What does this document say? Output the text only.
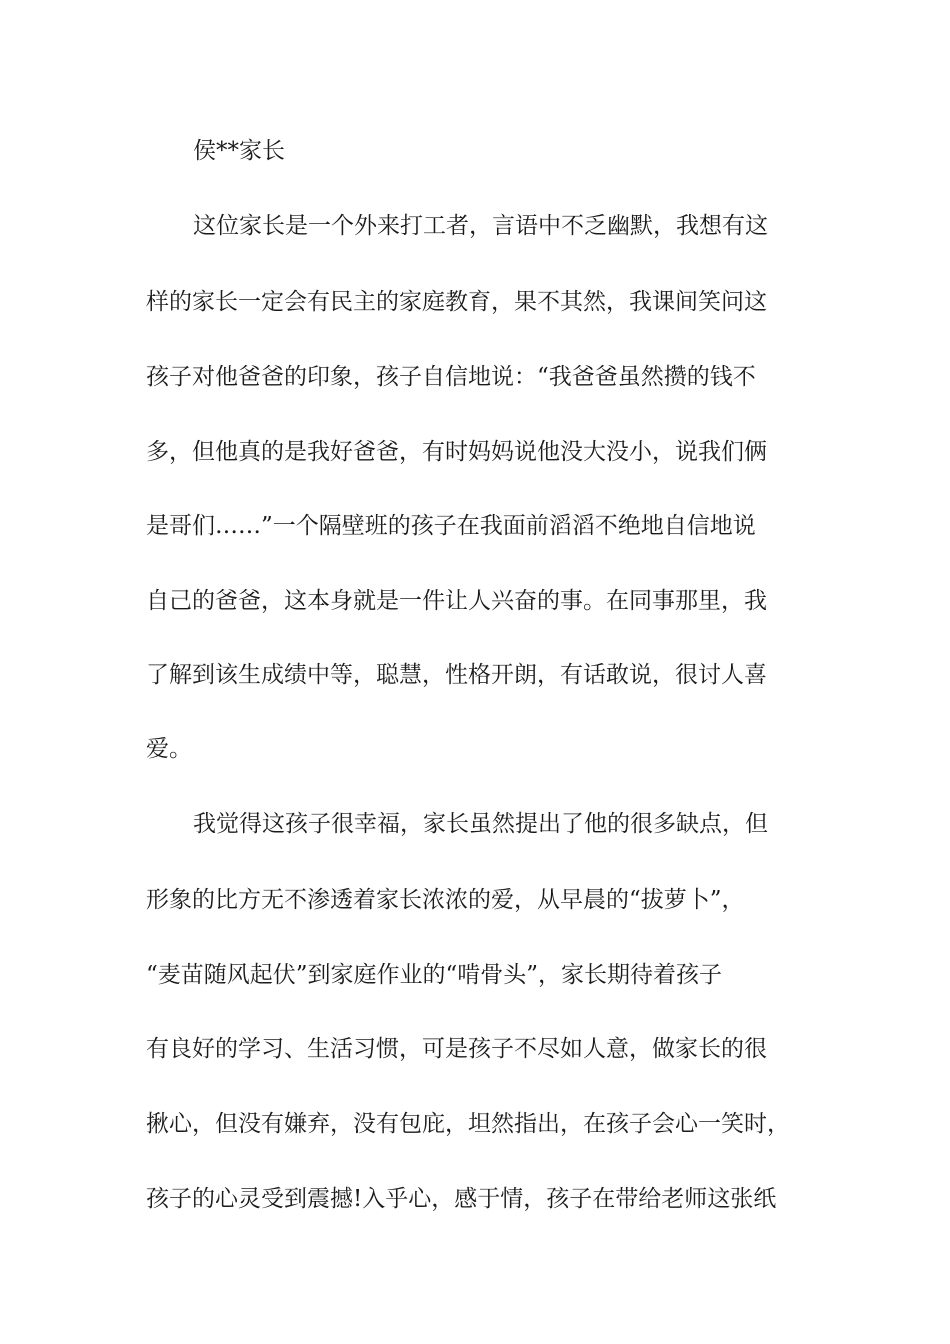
侯**家长
这位家长是一个外来打工者，言语中不乏幽默，我想有这
样的家长一定会有民主的家庭教育，果不其然，我课间笑问这
孩子对他爸爸的印象，孩子自信地说：“我爸爸虽然攒的钱不
多，但他真的是我好爸爸，有时妈妈说他没大没小，说我们俩
是哥们……”一个隔壁班的孩子在我面前滔滔不绝地自信地说
自己的爸爸，这本身就是一件让人兴奋的事。在同事那里，我
了解到该生成绩中等，聪慧，性格开朗，有话敢说，很讨人喜
爱。
我觉得这孩子很幸福，家长虽然提出了他的很多缺点，但
形象的比方无不渗透着家长浓浓的爱，从早晨的“拔萝卜”，
“麦苗随风起伏”到家庭作业的“啃骨头”，家长期待着孩子
有良好的学习、生活习惯，可是孩子不尽如人意，做家长的很
揪心，但没有嫌弃，没有包庇，坦然指出，在孩子会心一笑时，
孩子的心灵受到震撼!入乎心，感于情，孩子在带给老师这张纸
